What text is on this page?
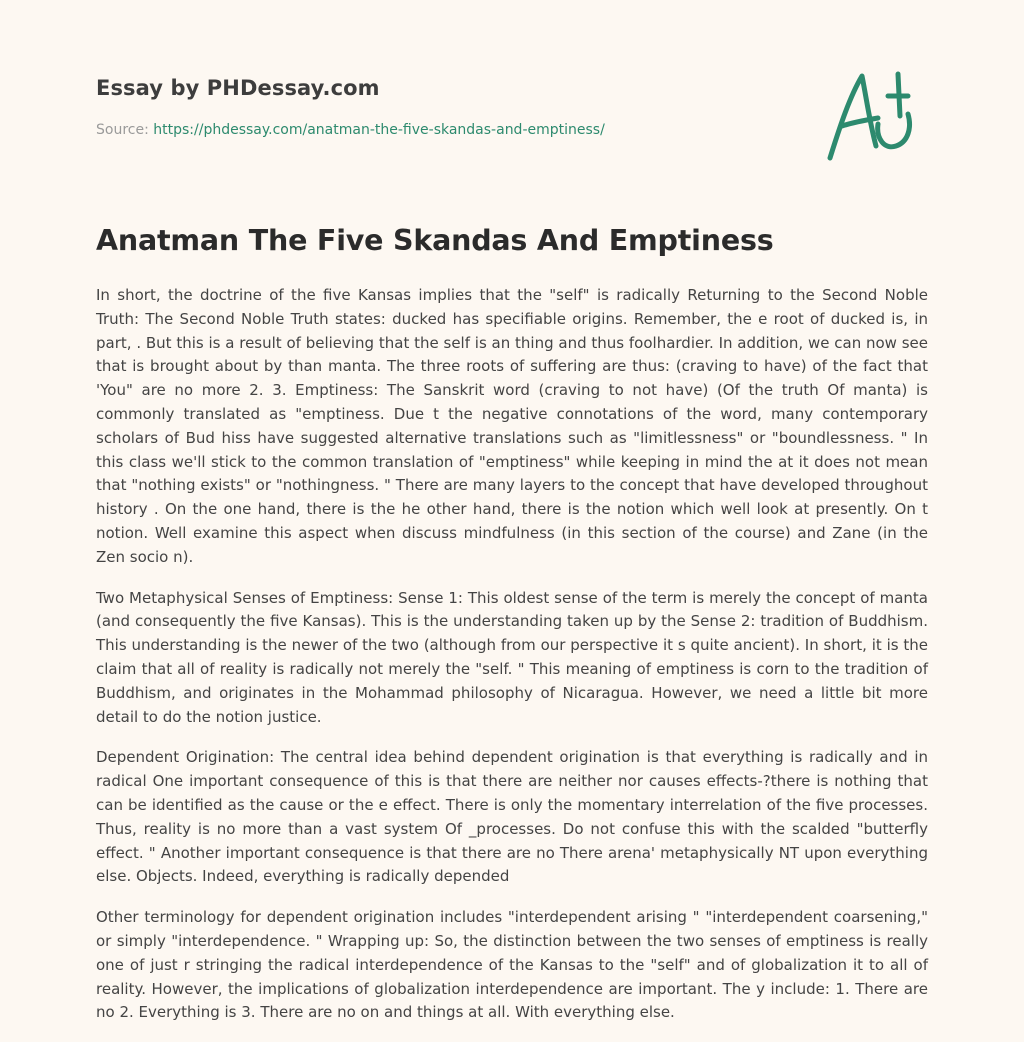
Essay by PHDessay.com
Source: https://phdessay.com/anatman-the-five-skandas-and-emptiness/
Anatman The Five Skandas And Emptiness

In short, the doctrine of the five Kansas implies that the "self" is radically Returning to the Second Noble Truth: The Second Noble Truth states: ducked has specifiable origins. Remember, the e root of ducked is, in part, . But this is a result of believing that the self is an thing and thus foolhardier. In addition, we can now see that is brought about by than manta. The three roots of suffering are thus: (craving to have) of the fact that 'You" are no more 2. 3. Emptiness: The Sanskrit word (craving to not have) (Of the truth Of manta) is commonly translated as "emptiness. Due t the negative connotations of the word, many contemporary scholars of Bud hiss have suggested alternative translations such as "limitlessness" or "boundlessness. " In this class we'll stick to the common translation of "emptiness" while keeping in mind the at it does not mean that "nothing exists" or "nothingness. " There are many layers to the concept that have developed throughout history . On the one hand, there is the he other hand, there is the notion which well look at presently. On t notion. Well examine this aspect when discuss mindfulness (in this section of the course) and Zane (in the Zen socio n).

Two Metaphysical Senses of Emptiness: Sense 1: This oldest sense of the term is merely the concept of manta (and consequently the five Kansas). This is the understanding taken up by the Sense 2: tradition of Buddhism. This understanding is the newer of the two (although from our perspective it s quite ancient). In short, it is the claim that all of reality is radically not merely the "self. " This meaning of emptiness is corn to the tradition of Buddhism, and originates in the Mohammad philosophy of Nicaragua. However, we need a little bit more detail to do the notion justice.

Dependent Origination: The central idea behind dependent origination is that everything is radically and in radical One important consequence of this is that there are neither nor causes effects-?there is nothing that can be identified as the cause or the e effect. There is only the momentary interrelation of the five processes. Thus, reality is no more than a vast system Of _processes. Do not confuse this with the scalded "butterfly effect. " Another important consequence is that there are no There arena' metaphysically NT upon everything else. Objects. Indeed, everything is radically depended

Other terminology for dependent origination includes "interdependent arising " "interdependent coarsening," or simply "interdependence. " Wrapping up: So, the distinction between the two senses of emptiness is really one of just r stringing the radical interdependence of the Kansas to the "self" and of globalization it to all of reality. However, the implications of globalization interdependence are important. The y include: 1. There are no 2. Everything is 3. There are no on and things at all. With everything else.
